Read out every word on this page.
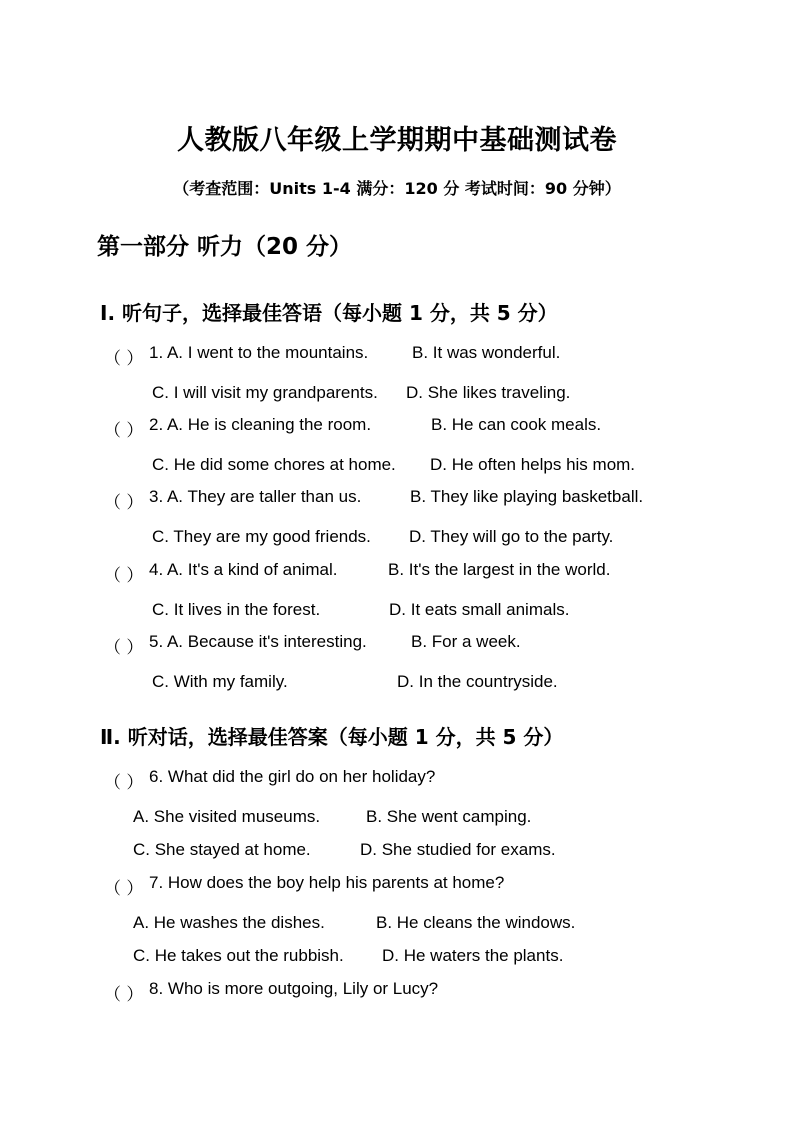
人教版八年级上学期期中基础测试卷
（考查范围：Units 1-4 满分：120 分 考试时间：90 分钟）
第一部分 听力（20 分）
Ⅰ. 听句子，选择最佳答语（每小题 1 分，共 5 分）
（ ） 1. A. I went to the mountains.	B. It was wonderful.
C. I will visit my grandparents. D. She likes traveling.
（ ） 2. A. He is cleaning the room.	B. He can cook meals.
C. He did some chores at home. D. He often helps his mom.
（ ） 3. A. They are taller than us.	B. They like playing basketball.
C. They are my good friends. D. They will go to the party.
（ ） 4. A. It's a kind of animal.	B. It's the largest in the world.
C. It lives in the forest.	D. It eats small animals.
（ ） 5. A. Because it's interesting.	B. For a week.
C. With my family.	D. In the countryside.
Ⅱ. 听对话，选择最佳答案（每小题 1 分，共 5 分）
（ ） 6. What did the girl do on her holiday?
A. She visited museums.	B. She went camping.
C. She stayed at home.	D. She studied for exams.
（ ） 7. How does the boy help his parents at home?
A. He washes the dishes.	B. He cleans the windows.
C. He takes out the rubbish. D. He waters the plants.
（ ） 8. Who is more outgoing, Lily or Lucy?
